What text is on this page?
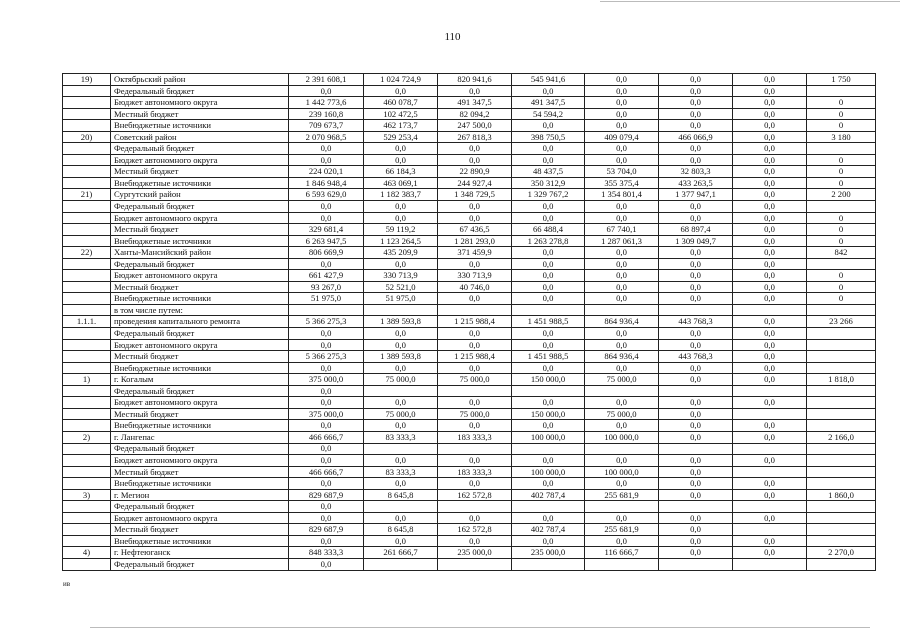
110
19)	Октябрьский район	2 391 608,1	1 024 724,9	820 941,6	545 941,6	0,0	0,0	0,0	1 750
	Федеральный бюджет	0,0	0,0	0,0	0,0	0,0	0,0	0,0	
	Бюджет автономного округа	1 442 773,6	460 078,7	491 347,5	491 347,5	0,0	0,0	0,0	0
	Местный бюджет	239 160,8	102 472,5	82 094,2	54 594,2	0,0	0,0	0,0	0
	Внебюджетные источники	709 673,7	462 173,7	247 500,0	0,0	0,0	0,0	0,0	0
20)	Советский район	2 070 968,5	529 253,4	267 818,3	398 750,5	409 079,4	466 066,9	0,0	3 180
	Федеральный бюджет	0,0	0,0	0,0	0,0	0,0	0,0	0,0	
	Бюджет автономного округа	0,0	0,0	0,0	0,0	0,0	0,0	0,0	0
	Местный бюджет	224 020,1	66 184,3	22 890,9	48 437,5	53 704,0	32 803,3	0,0	0
	Внебюджетные источники	1 846 948,4	463 069,1	244 927,4	350 312,9	355 375,4	433 263,5	0,0	0
21)	Сургутский район	6 593 629,0	1 182 383,7	1 348 729,5	1 329 767,2	1 354 801,4	1 377 947,1	0,0	2 200
	Федеральный бюджет	0,0	0,0	0,0	0,0	0,0	0,0	0,0	
	Бюджет автономного округа	0,0	0,0	0,0	0,0	0,0	0,0	0,0	0
	Местный бюджет	329 681,4	59 119,2	67 436,5	66 488,4	67 740,1	68 897,4	0,0	0
	Внебюджетные источники	6 263 947,5	1 123 264,5	1 281 293,0	1 263 278,8	1 287 061,3	1 309 049,7	0,0	0
22)	Ханты-Мансийский район	806 669,9	435 209,9	371 459,9	0,0	0,0	0,0	0,0	842
	Федеральный бюджет	0,0	0,0	0,0	0,0	0,0	0,0	0,0	
	Бюджет автономного округа	661 427,9	330 713,9	330 713,9	0,0	0,0	0,0	0,0	0
	Местный бюджет	93 267,0	52 521,0	40 746,0	0,0	0,0	0,0	0,0	0
	Внебюджетные источники	51 975,0	51 975,0	0,0	0,0	0,0	0,0	0,0	0
	в том числе путем:								
1.1.1.	проведения капитального ремонта	5 366 275,3	1 389 593,8	1 215 988,4	1 451 988,5	864 936,4	443 768,3	0,0	23 266
	Федеральный бюджет	0,0	0,0	0,0	0,0	0,0	0,0	0,0	
	Бюджет автономного округа	0,0	0,0	0,0	0,0	0,0	0,0	0,0	
	Местный бюджет	5 366 275,3	1 389 593,8	1 215 988,4	1 451 988,5	864 936,4	443 768,3	0,0	
	Внебюджетные источники	0,0	0,0	0,0	0,0	0,0	0,0	0,0	
1)	г. Когалым	375 000,0	75 000,0	75 000,0	150 000,0	75 000,0	0,0	0,0	1 818,0
	Федеральный бюджет	0,0							
	Бюджет автономного округа	0,0	0,0	0,0	0,0	0,0	0,0	0,0	
	Местный бюджет	375 000,0	75 000,0	75 000,0	150 000,0	75 000,0	0,0		
	Внебюджетные источники	0,0	0,0	0,0	0,0	0,0	0,0	0,0	
2)	г. Лангепас	466 666,7	83 333,3	183 333,3	100 000,0	100 000,0	0,0	0,0	2 166,0
	Федеральный бюджет	0,0							
	Бюджет автономного округа	0,0	0,0	0,0	0,0	0,0	0,0	0,0	
	Местный бюджет	466 666,7	83 333,3	183 333,3	100 000,0	100 000,0	0,0		
	Внебюджетные источники	0,0	0,0	0,0	0,0	0,0	0,0	0,0	
3)	г. Мегион	829 687,9	8 645,8	162 572,8	402 787,4	255 681,9	0,0	0,0	1 860,0
	Федеральный бюджет	0,0							
	Бюджет автономного округа	0,0	0,0	0,0	0,0	0,0	0,0	0,0	
	Местный бюджет	829 687,9	8 645,8	162 572,8	402 787,4	255 681,9	0,0		
	Внебюджетные источники	0,0	0,0	0,0	0,0	0,0	0,0	0,0	
4)	г. Нефтеюганск	848 333,3	261 666,7	235 000,0	235 000,0	116 666,7	0,0	0,0	2 270,0
	Федеральный бюджет	0,0							
ив
